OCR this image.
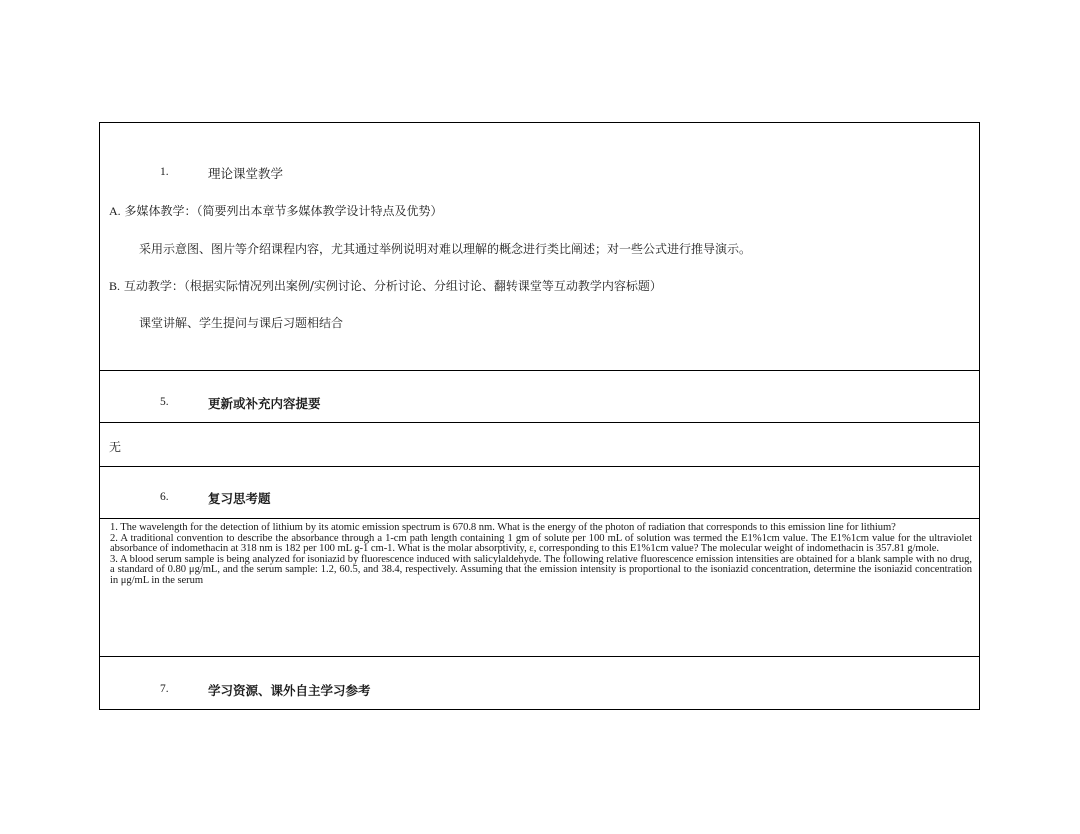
1.	理论课堂教学
A. 多媒体教学：（简要列出本章节多媒体教学设计特点及优势）
采用示意图、图片等介绍课程内容，尤其通过举例说明对难以理解的概念进行类比阐述；对一些公式进行推导演示。
B. 互动教学：（根据实际情况列出案例/实例讨论、分析讨论、分组讨论、翻转课堂等互动教学内容标题）
课堂讲解、学生提问与课后习题相结合
5.	更新或补充内容提要
无
6.	复习思考题

1. The wavelength for the detection of lithium by its atomic emission spectrum is 670.8 nm. What is the energy of the photon of radiation that corresponds to this emission line for lithium?

2. A traditional convention to describe the absorbance through a 1-cm path length containing 1 gm of solute per 100 mL of solution was termed the E1%1cm value. The E1%1cm value for the ultraviolet absorbance of indomethacin at 318 nm is 182 per 100 mL g-1 cm-1. What is the molar absorptivity, ε, corresponding to this E1%1cm value? The molecular weight of indomethacin is 357.81 g/mole.

3. A blood serum sample is being analyzed for isoniazid by fluorescence induced with salicylaldehyde. The following relative fluorescence emission intensities are obtained for a blank sample with no drug, a standard of 0.80 μg/mL, and the serum sample: 1.2, 60.5, and 38.4, respectively. Assuming that the emission intensity is proportional to the isoniazid concentration, determine the isoniazid concentration in μg/mL in the serum

7.	学习资源、课外自主学习参考
